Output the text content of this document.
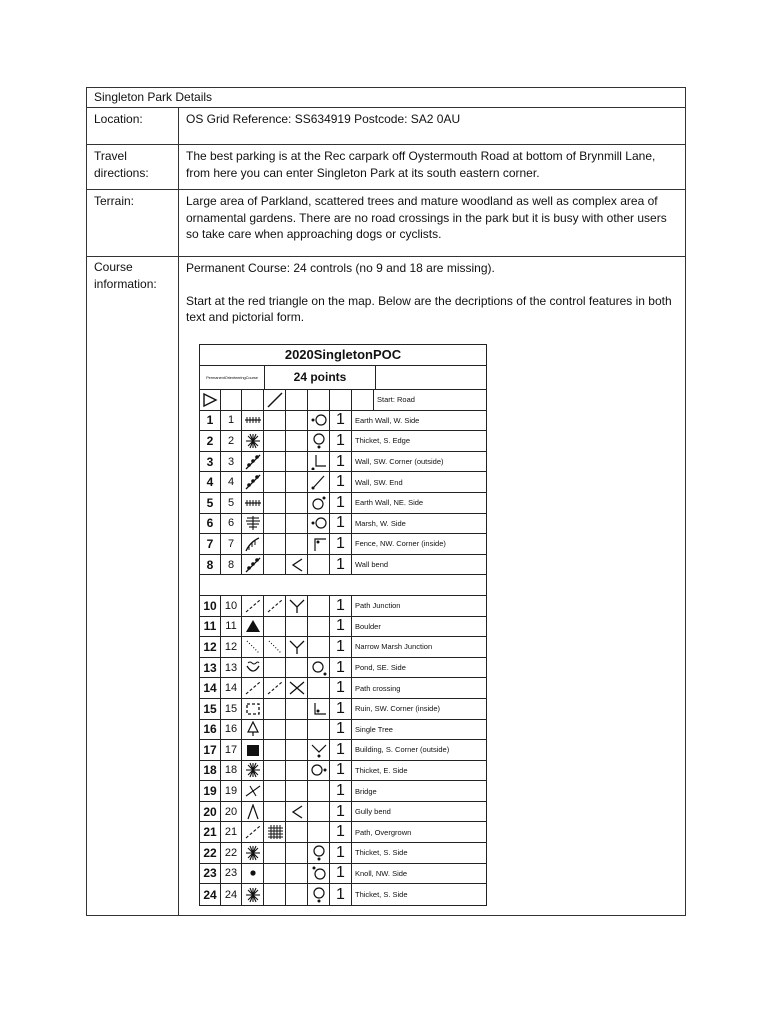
Singleton Park Details
Location:	OS Grid Reference: SS634919 Postcode: SA2 0AU
Travel directions:
The best parking is at the Rec carpark off Oystermouth Road at bottom of Brynmill Lane, from here you can enter Singleton Park at its south eastern corner.
Terrain:	Large area of Parkland, scattered trees and mature woodland as well as complex area of ornamental gardens. There are no road crossings in the park but it is busy with other users so take care when approaching dogs or cyclists.
Course information:

Permanent Course: 24 controls (no 9 and 18 are missing).

Start at the red triangle on the map. Below are the decriptions of the control features in both text and pictorial form.

2020SingletonPOC
PermanentOrienteeringCourse	24 points
Start: Road
1	1	1	Earth Wall, W. Side
2	2	1	Thicket, S. Edge
3	3	1	Wall, SW. Corner (outside)
4	4	1	Wall, SW. End
5	5	1	Earth Wall, NE. Side
6	6	1	Marsh, W. Side
7	7	1	Fence, NW. Corner (inside)
8	8	1	Wall bend
10 10	1	Path Junction
11 11	1	Boulder
12 12	1	Narrow Marsh Junction
13 13	1	Pond, SE. Side
14 14	1	Path crossing
15 15	1	Ruin, SW. Corner (inside)
16 16	1	Single Tree
17 17	1	Building, S. Corner (outside)
18 18	1	Thicket, E. Side
19 19	1	Bridge
20 20	1	Gully bend
21 21	1	Path, Overgrown
22 22	1	Thicket, S. Side
23 23	1	Knoll, NW. Side
24 24	1	Thicket, S. Side
